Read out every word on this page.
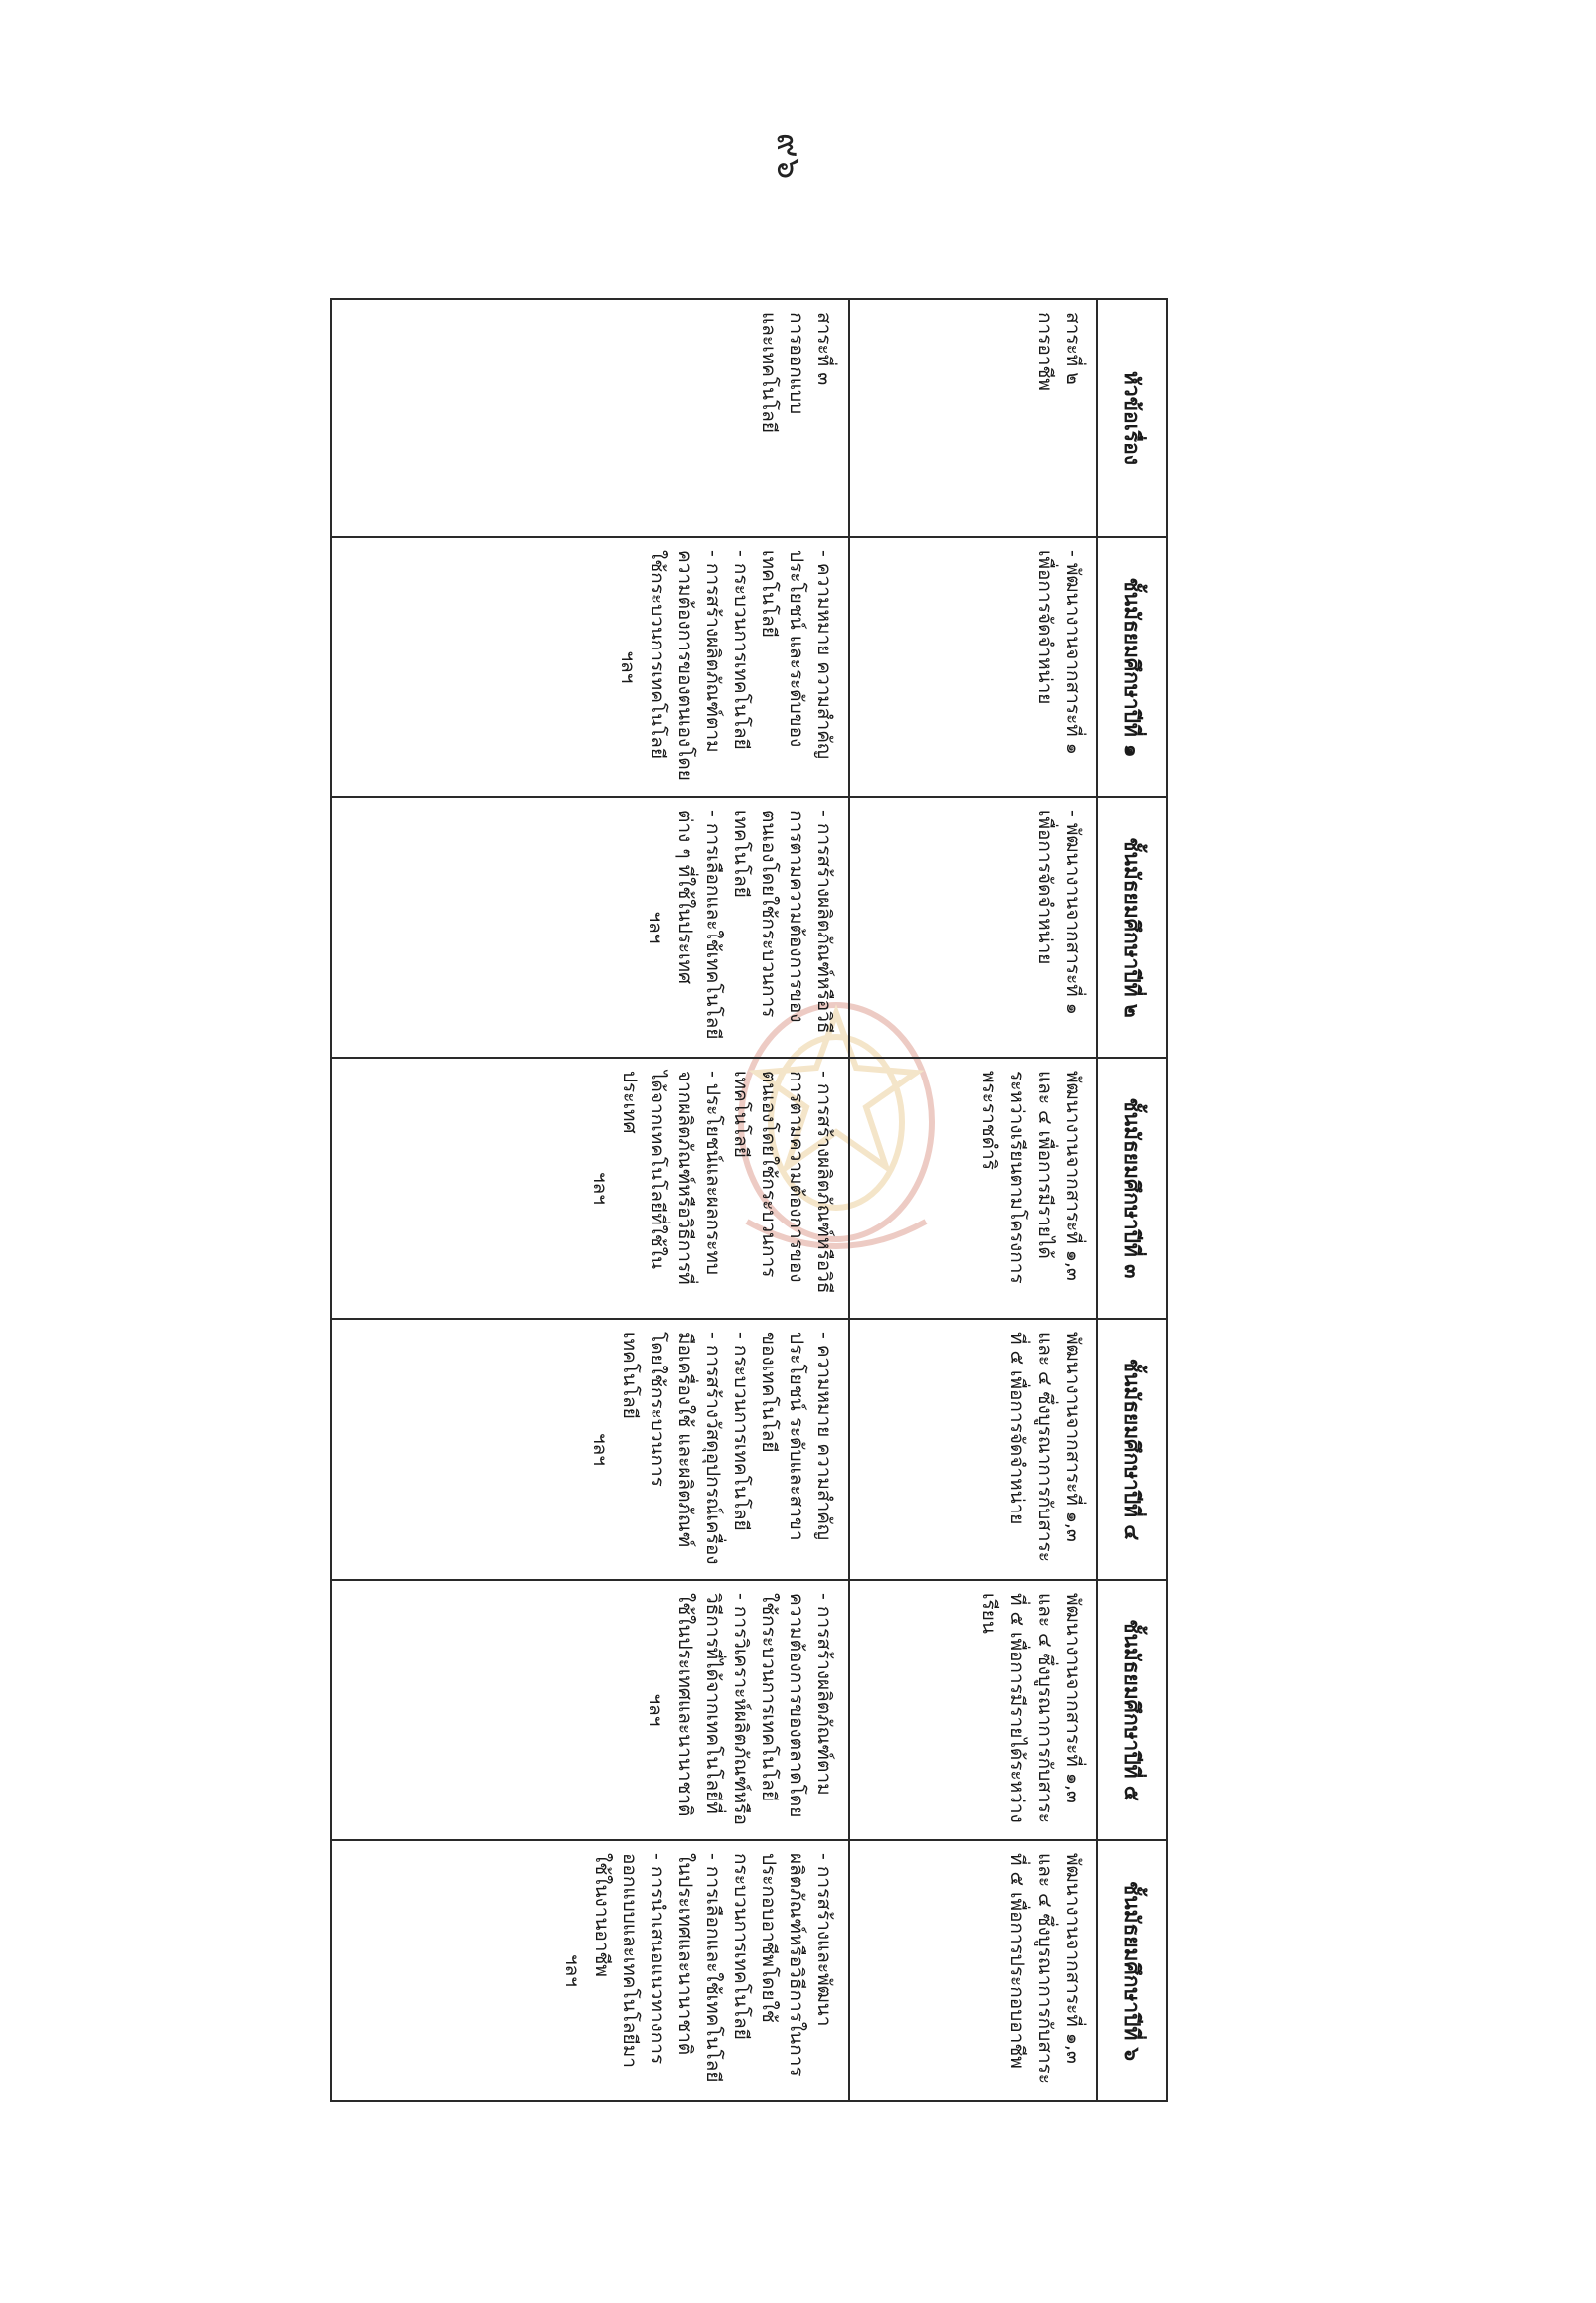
๙๖
หัวข้อเรื่อง	ชั้นมัธยมศึกษาปีที่ ๑	ชั้นมัธยมศึกษาปีที่ ๒	ชั้นมัธยมศึกษาปีที่ ๓	ชั้นมัธยมศึกษาปีที่ ๔	ชั้นมัธยมศึกษาปีที่ ๕	ชั้นมัธยมศึกษาปีที่ ๖
สาระที่ ๒
การอาชีพ	- พัฒนางานจากสาระที่ ๑ เพื่อการจัดจำหน่าย	- พัฒนางานจากสาระที่ ๑ เพื่อการจัดจำหน่าย	พัฒนางานจากสาระที่ ๑,๓ และ ๔ เพื่อการมีรายได้ระหว่างเรียนตามโครงการพระราชดำริ	พัฒนางานจากสาระที่ ๑,๓ และ ๔ ซึ่งบูรณาการกับสาระที่ ๕ เพื่อการจัดจำหน่าย	พัฒนางานจากสาระที่ ๑,๓ และ ๔ ซึ่งบูรณาการกับสาระที่ ๕ เพื่อการมีรายได้ระหว่างเรียน	พัฒนางานจากสาระที่ ๑,๓ และ ๔ ซึ่งบูรณาการกับสาระที่ ๕ เพื่อการประกอบอาชีพ
สาระที่ ๓
การออกแบบ
และเทคโนโลยี	- ความหมาย ความสำคัญ ประโยชน์ และระดับของเทคโนโลยี
- กระบวนการเทคโนโลยี
- การสร้างผลิตภัณฑ์ตามความต้องการของตนเองโดยใช้กระบวนการเทคโนโลยี
ฯลฯ	- การสร้างผลิตภัณฑ์หรือวิธีการตามความต้องการของตนเองโดยใช้กระบวนการเทคโนโลยี
- การเลือกและใช้เทคโนโลยีต่าง ๆ ที่ใช้ในประเทศ
ฯลฯ	- การสร้างผลิตภัณฑ์หรือวิธีการตามความต้องการของตนเองโดยใช้กระบวนการเทคโนโลยี
- ประโยชน์และผลกระทบจากผลิตภัณฑ์หรือวิธีการที่ได้จากเทคโนโลยีที่ใช้ในประเทศ
ฯลฯ	- ความหมาย ความสำคัญ ประโยชน์ ระดับและสาขาของเทคโนโลยี
- กระบวนการเทคโนโลยี
- การสร้างวัสดุอุปกรณ์เครื่องมือเครื่องใช้ และผลิตภัณฑ์ โดยใช้กระบวนการเทคโนโลยี
ฯลฯ	- การสร้างผลิตภัณฑ์ตามความต้องการของตลาดโดยใช้กระบวนการเทคโนโลยี
- การวิเคราะห์ผลิตภัณฑ์หรือวิธีการที่ได้จากเทคโนโลยีที่ใช้ในประเทศและนานาชาติ
ฯลฯ	- การสร้างและพัฒนาผลิตภัณฑ์หรือวิธีการในการประกอบอาชีพโดยใช้กระบวนการเทคโนโลยี
- การเลือกและใช้เทคโนโลยีในประเทศและนานาชาติ
- การนำเสนอแนวทางการออกแบบและเทคโนโลยีมาใช้ในงานอาชีพ
ฯลฯ
